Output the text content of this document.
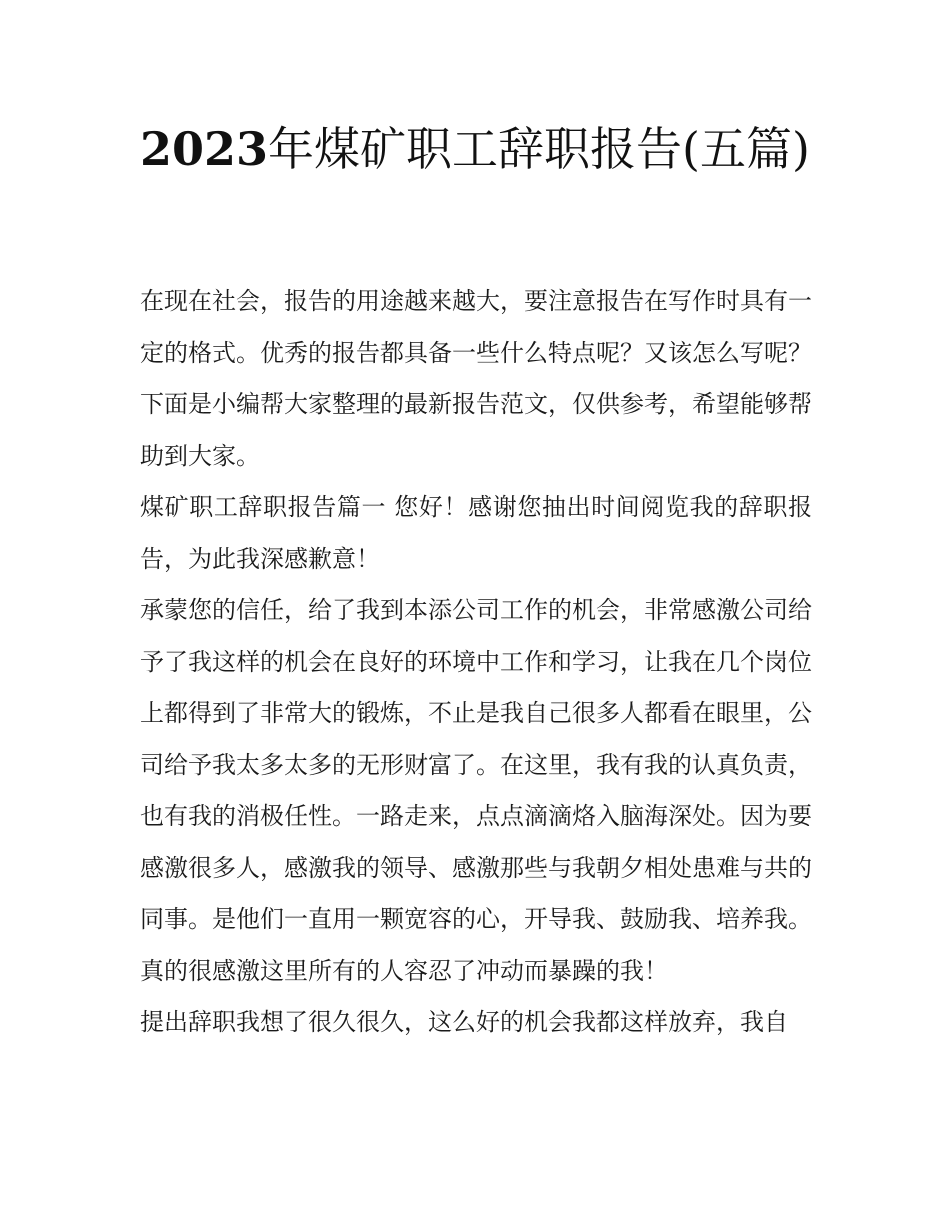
2023年煤矿职工辞职报告(五篇)

在现在社会，报告的用途越来越大，要注意报告在写作时具有一定的格式。优秀的报告都具备一些什么特点呢？又该怎么写呢？下面是小编帮大家整理的最新报告范文，仅供参考，希望能够帮助到大家。

煤矿职工辞职报告篇一 您好！感谢您抽出时间阅览我的辞职报告，为此我深感歉意！

承蒙您的信任，给了我到本添公司工作的机会，非常感激公司给予了我这样的机会在良好的环境中工作和学习，让我在几个岗位上都得到了非常大的锻炼，不止是我自己很多人都看在眼里，公司给予我太多太多的无形财富了。在这里，我有我的认真负责，也有我的消极任性。一路走来，点点滴滴烙入脑海深处。因为要感激很多人，感激我的领导、感激那些与我朝夕相处患难与共的同事。是他们一直用一颗宽容的心，开导我、鼓励我、培养我。真的很感激这里所有的人容忍了冲动而暴躁的我！

提出辞职我想了很久很久，这么好的机会我都这样放弃，我自
